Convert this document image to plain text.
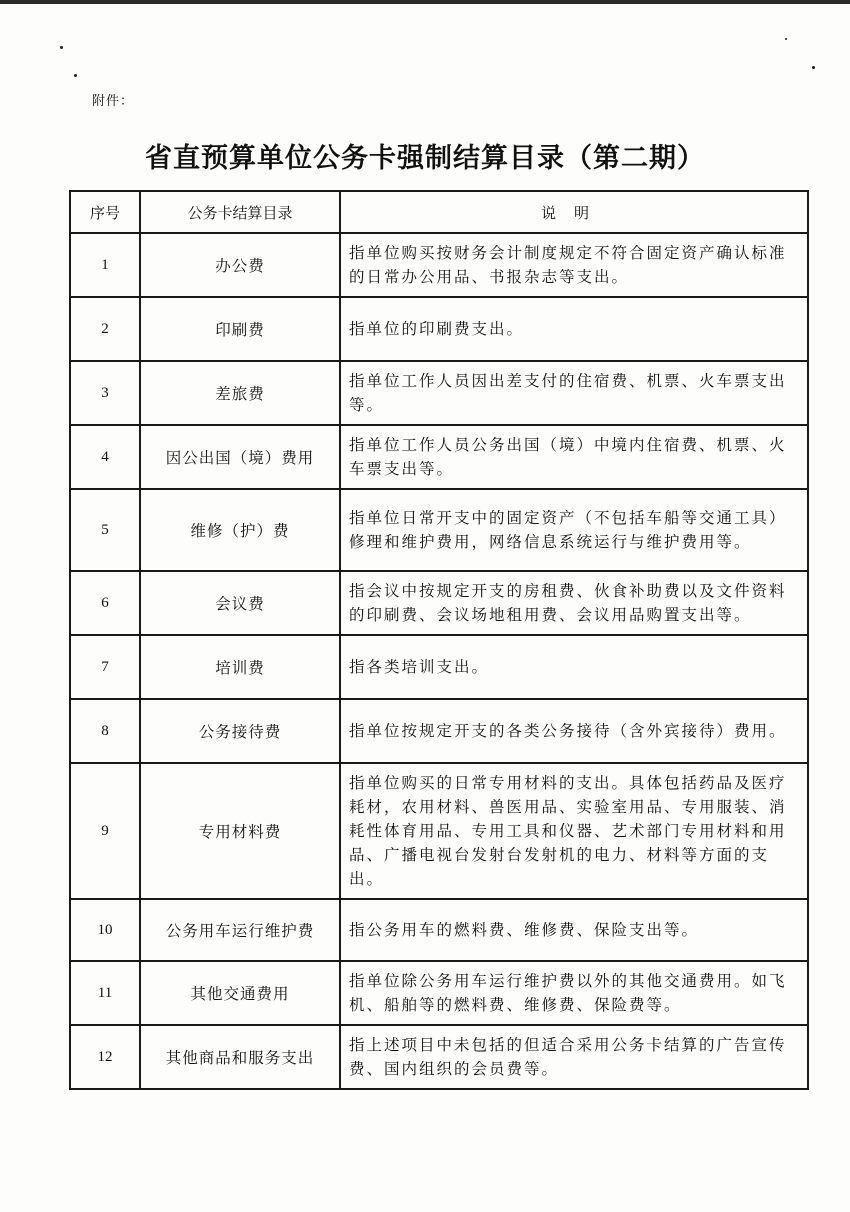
附件：
省直预算单位公务卡强制结算目录（第二期）
序号	公务卡结算目录	说明
1	办公费	指单位购买按财务会计制度规定不符合固定资产确认标准的日常办公用品、书报杂志等支出。
2	印刷费	指单位的印刷费支出。
3	差旅费	指单位工作人员因出差支付的住宿费、机票、火车票支出等。
4	因公出国（境）费用	指单位工作人员公务出国（境）中境内住宿费、机票、火车票支出等。
5	维修（护）费	指单位日常开支中的固定资产（不包括车船等交通工具）修理和维护费用，网络信息系统运行与维护费用等。
6	会议费	指会议中按规定开支的房租费、伙食补助费以及文件资料的印刷费、会议场地租用费、会议用品购置支出等。
7	培训费	指各类培训支出。
8	公务接待费	指单位按规定开支的各类公务接待（含外宾接待）费用。
9	专用材料费	指单位购买的日常专用材料的支出。具体包括药品及医疗耗材，农用材料、兽医用品、实验室用品、专用服装、消耗性体育用品、专用工具和仪器、艺术部门专用材料和用品、广播电视台发射台发射机的电力、材料等方面的支出。
10	公务用车运行维护费	指公务用车的燃料费、维修费、保险支出等。
11	其他交通费用	指单位除公务用车运行维护费以外的其他交通费用。如飞机、船舶等的燃料费、维修费、保险费等。
12	其他商品和服务支出	指上述项目中未包括的但适合采用公务卡结算的广告宣传费、国内组织的会员费等。
